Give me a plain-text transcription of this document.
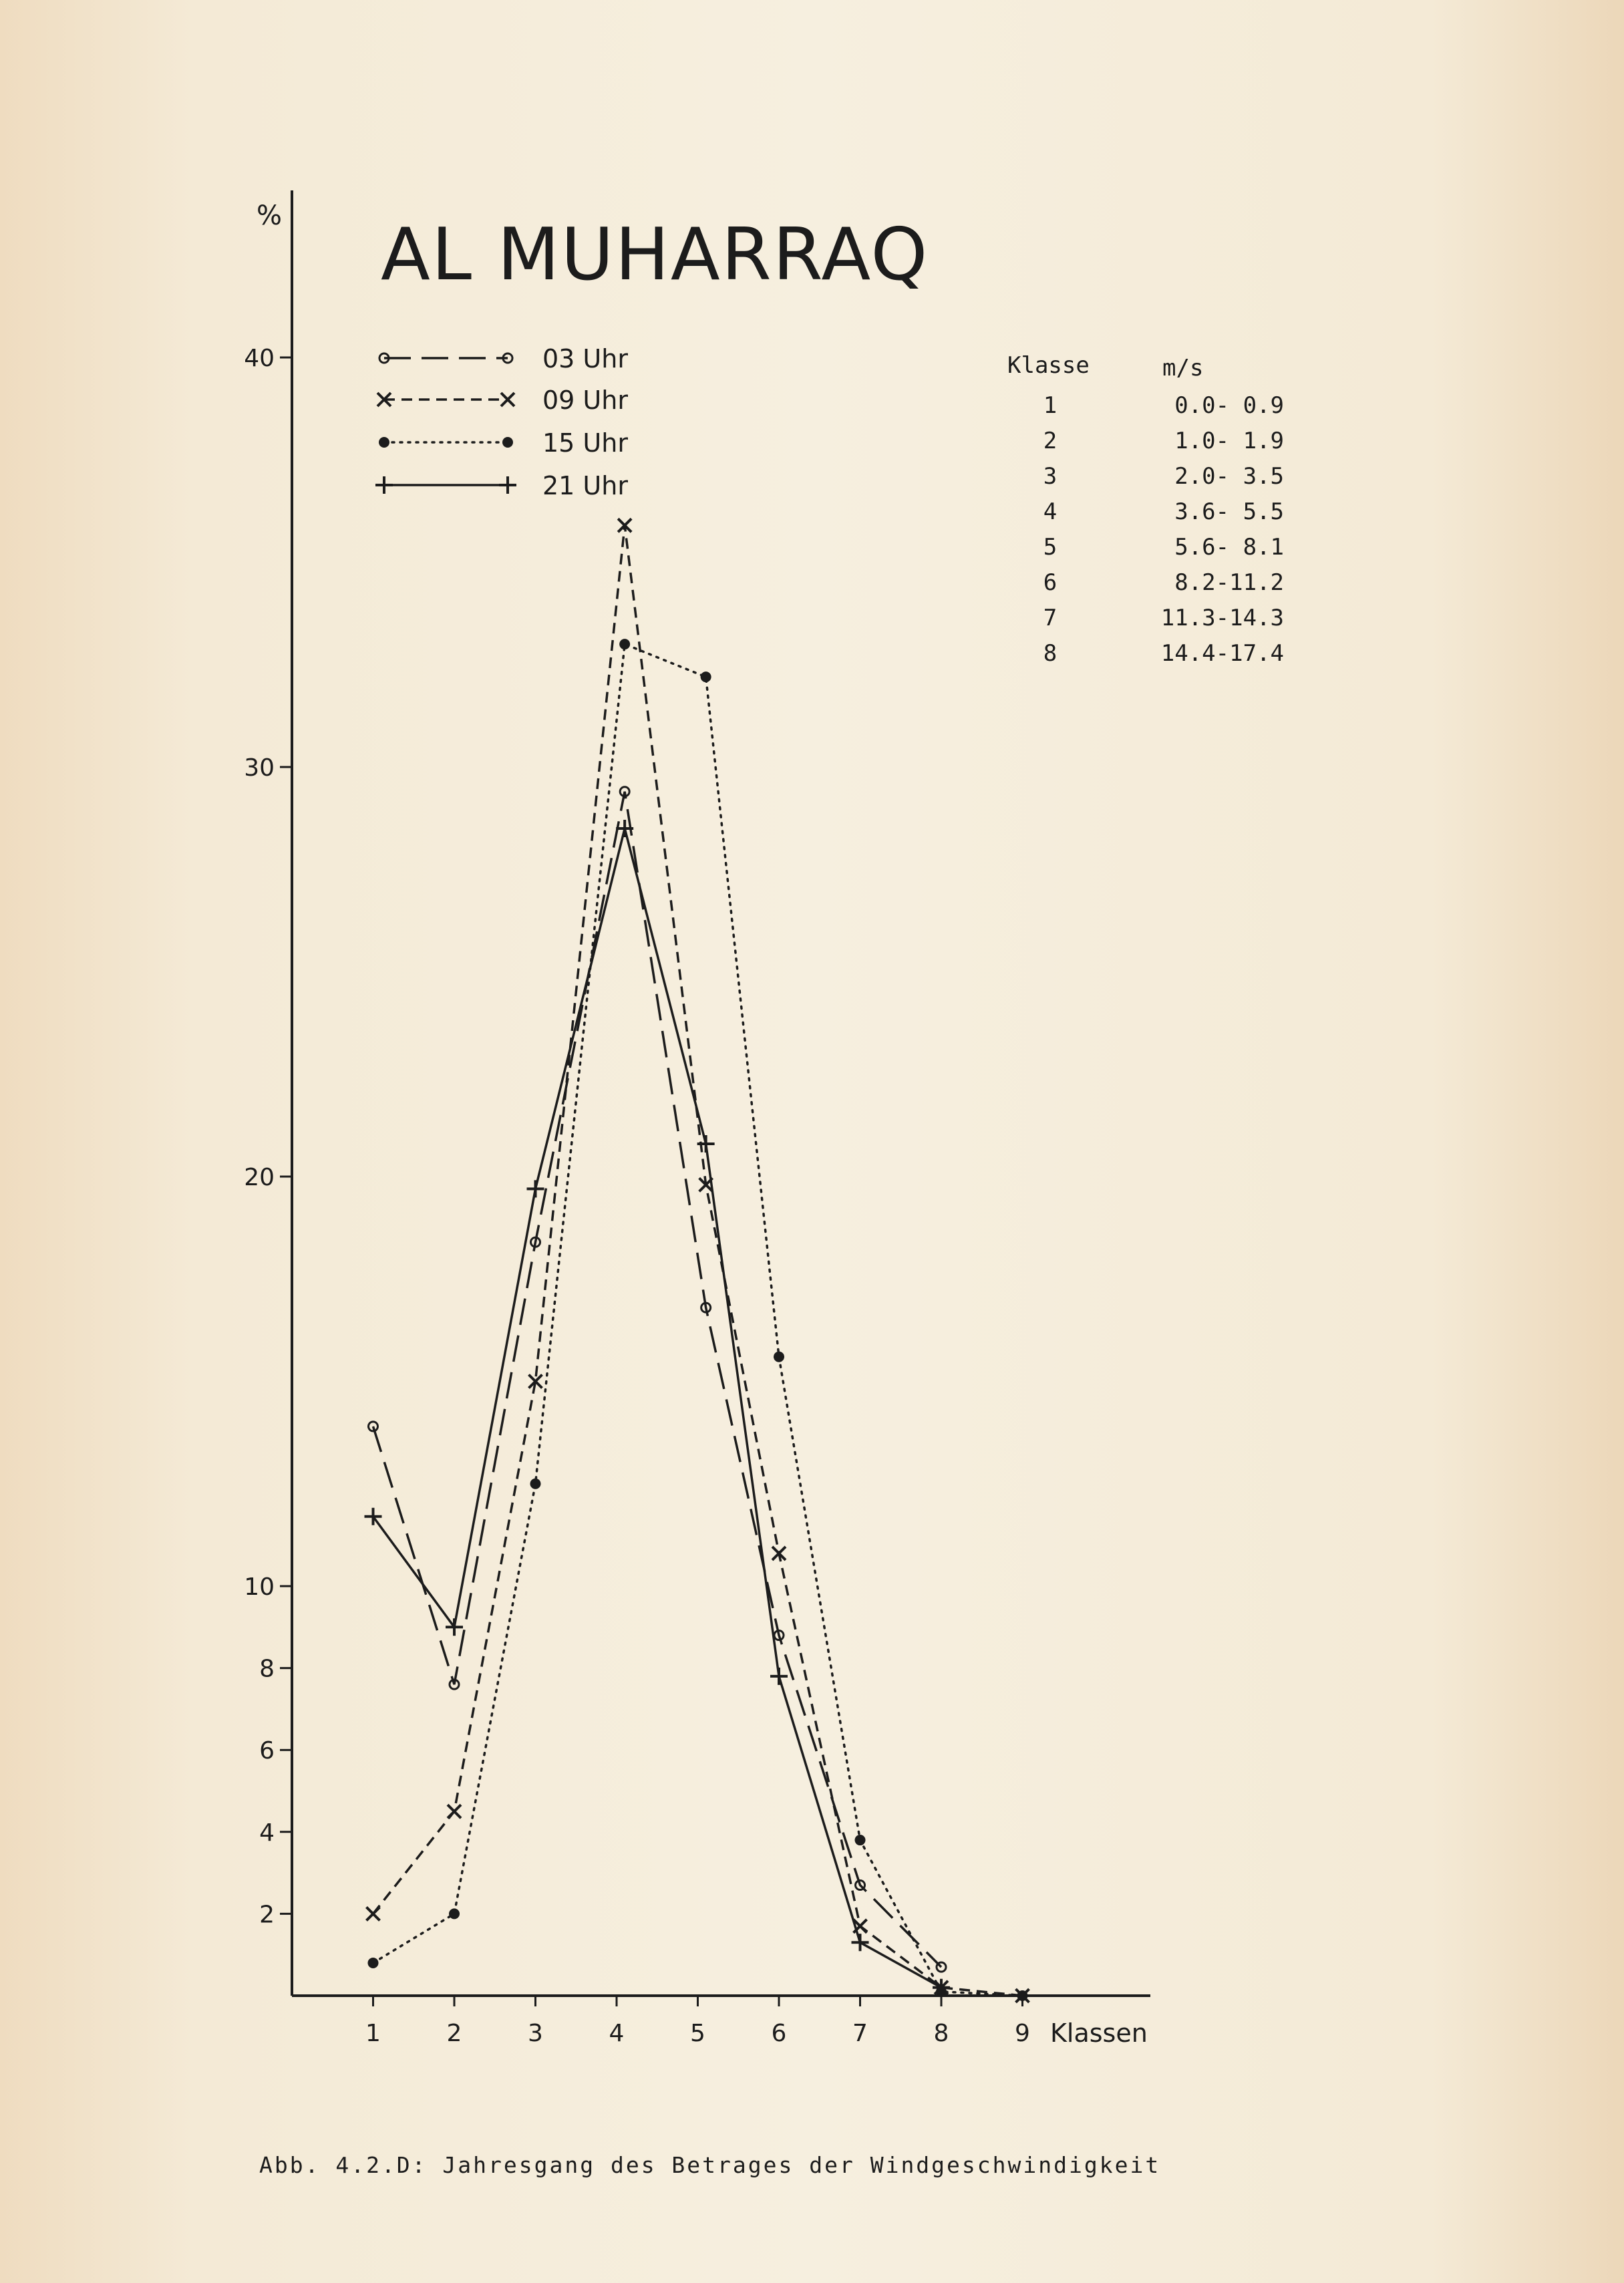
2
4
6
8
10
20
30
40
1	2	3	4	5	6	7	8	9
03 Uhr
09 Uhr
15 Uhr
21 Uhr
Klasse	m/s
1	0.0- 0.9
2	1.0- 1.9
3	2.0- 3.5
4	3.6- 5.5
5	5.6- 8.1
6	8.2-11.2
7	11.3-14.3
8	14.4-17.4
AL MUHARRAQ
%
Klassen
Abb. 4.2.D: Jahresgang des Betrages der Windgeschwindigkeit
